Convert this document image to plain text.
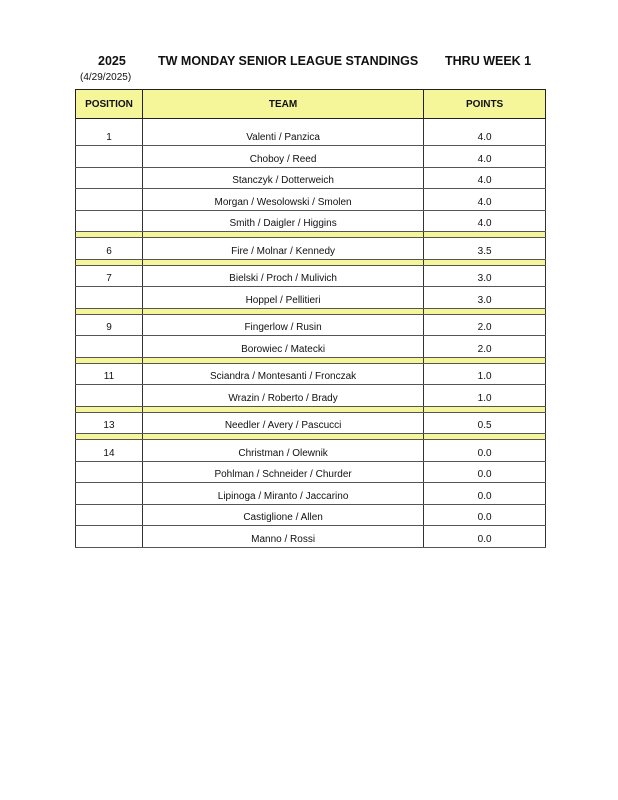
2025	TW MONDAY SENIOR LEAGUE STANDINGS THRU WEEK 1
(4/29/2025)
POSITION	TEAM	POINTS
1	Valenti / Panzica	4.0
	Choboy / Reed	4.0
	Stanczyk / Dotterweich	4.0
	Morgan / Wesolowski / Smolen	4.0
	Smith / Daigler / Higgins	4.0

6	Fire / Molnar / Kennedy	3.5

7	Bielski / Proch / Mulivich	3.0
	Hoppel / Pellitieri	3.0

9	Fingerlow / Rusin	2.0
	Borowiec / Matecki	2.0

11	Sciandra / Montesanti / Fronczak	1.0
	Wrazin / Roberto / Brady	1.0

13	Needler / Avery / Pascucci	0.5

14	Christman / Olewnik	0.0
	Pohlman / Schneider / Churder	0.0
	Lipinoga / Miranto / Jaccarino	0.0
	Castiglione / Allen	0.0
	Manno / Rossi	0.0
